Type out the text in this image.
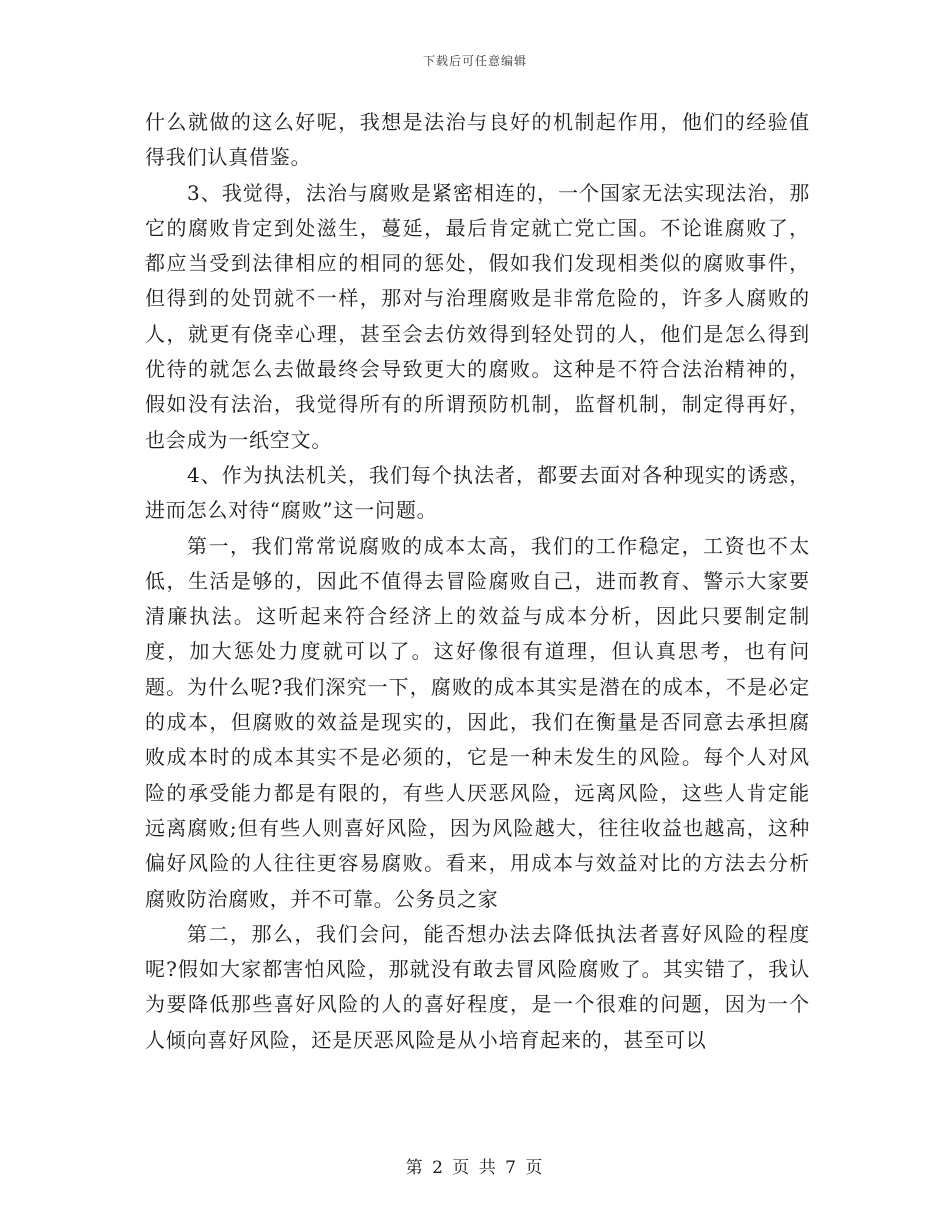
下载后可任意编辑

什么就做的这么好呢，我想是法治与良好的机制起作用，他们的经验值得我们认真借鉴。

3、我觉得，法治与腐败是紧密相连的，一个国家无法实现法治，那它的腐败肯定到处滋生，蔓延，最后肯定就亡党亡国。不论谁腐败了，都应当受到法律相应的相同的惩处，假如我们发现相类似的腐败事件，但得到的处罚就不一样，那对与治理腐败是非常危险的，许多人腐败的人，就更有侥幸心理，甚至会去仿效得到轻处罚的人，他们是怎么得到优待的就怎么去做最终会导致更大的腐败。这种是不符合法治精神的，假如没有法治，我觉得所有的所谓预防机制，监督机制，制定得再好，也会成为一纸空文。

4、作为执法机关，我们每个执法者，都要去面对各种现实的诱惑，进而怎么对待“腐败”这一问题。

第一，我们常常说腐败的成本太高，我们的工作稳定，工资也不太低，生活是够的，因此不值得去冒险腐败自己，进而教育、警示大家要清廉执法。这听起来符合经济上的效益与成本分析，因此只要制定制度，加大惩处力度就可以了。这好像很有道理，但认真思考，也有问题。为什么呢?我们深究一下，腐败的成本其实是潜在的成本，不是必定的成本，但腐败的效益是现实的，因此，我们在衡量是否同意去承担腐败成本时的成本其实不是必须的，它是一种未发生的风险。每个人对风险的承受能力都是有限的，有些人厌恶风险，远离风险，这些人肯定能远离腐败;但有些人则喜好风险，因为风险越大，往往收益也越高，这种偏好风险的人往往更容易腐败。看来，用成本与效益对比的方法去分析腐败防治腐败，并不可靠。公务员之家

第二，那么，我们会问，能否想办法去降低执法者喜好风险的程度呢?假如大家都害怕风险，那就没有敢去冒风险腐败了。其实错了，我认为要降低那些喜好风险的人的喜好程度，是一个很难的问题，因为一个人倾向喜好风险，还是厌恶风险是从小培育起来的，甚至可以

第 2 页 共 7 页
